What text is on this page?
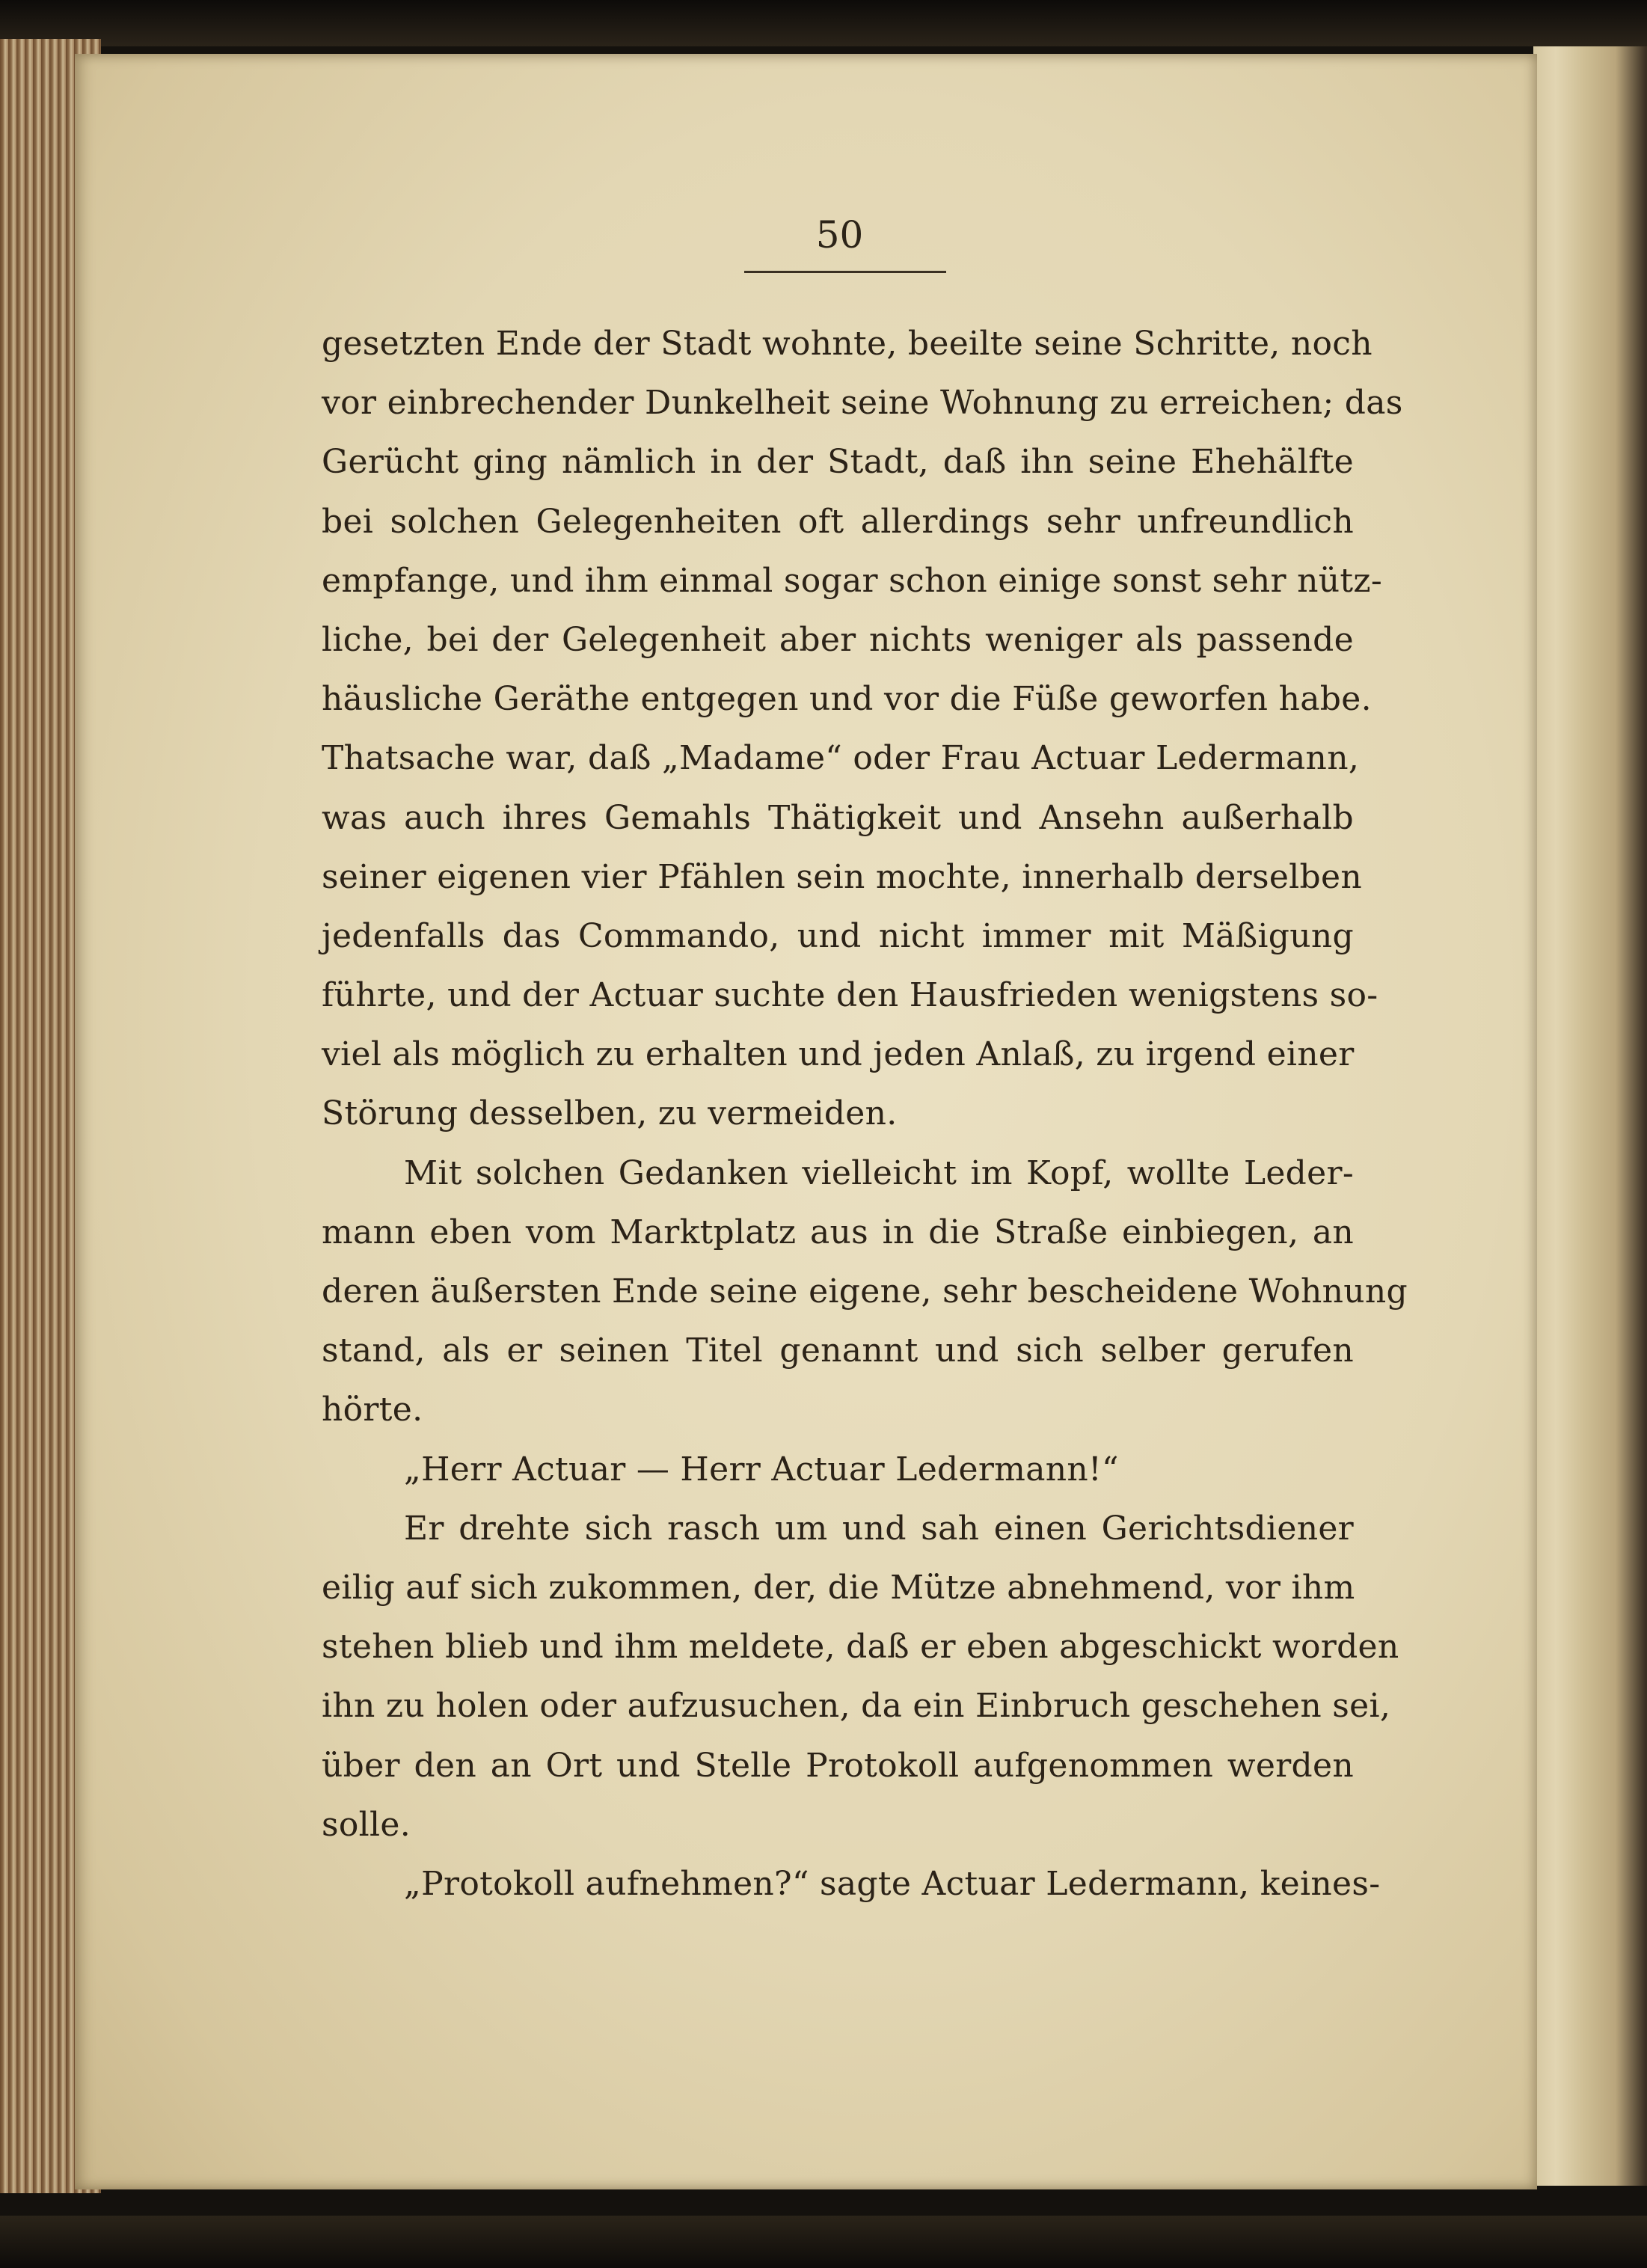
50
gesetzten Ende der Stadt wohnte, beeilte seine Schritte, noch
vor einbrechender Dunkelheit seine Wohnung zu erreichen; das
Gerücht ging nämlich in der Stadt, daß ihn seine Ehehälfte
bei solchen Gelegenheiten oft allerdings sehr unfreundlich
empfange, und ihm einmal sogar schon einige sonst sehr nütz-
liche, bei der Gelegenheit aber nichts weniger als passende
häusliche Geräthe entgegen und vor die Füße geworfen habe.
Thatsache war, daß „Madame“ oder Frau Actuar Ledermann,
was auch ihres Gemahls Thätigkeit und Ansehn außerhalb
seiner eigenen vier Pfählen sein mochte, innerhalb derselben
jedenfalls das Commando, und nicht immer mit Mäßigung
führte, und der Actuar suchte den Hausfrieden wenigstens so-
viel als möglich zu erhalten und jeden Anlaß, zu irgend einer
Störung desselben, zu vermeiden.
Mit solchen Gedanken vielleicht im Kopf, wollte Leder-
mann eben vom Marktplatz aus in die Straße einbiegen, an
deren äußersten Ende seine eigene, sehr bescheidene Wohnung
stand, als er seinen Titel genannt und sich selber gerufen
hörte.
„Herr Actuar — Herr Actuar Ledermann!“
Er drehte sich rasch um und sah einen Gerichtsdiener
eilig auf sich zukommen, der, die Mütze abnehmend, vor ihm
stehen blieb und ihm meldete, daß er eben abgeschickt worden
ihn zu holen oder aufzusuchen, da ein Einbruch geschehen sei,
über den an Ort und Stelle Protokoll aufgenommen werden
solle.
„Protokoll aufnehmen?“ sagte Actuar Ledermann, keines-
